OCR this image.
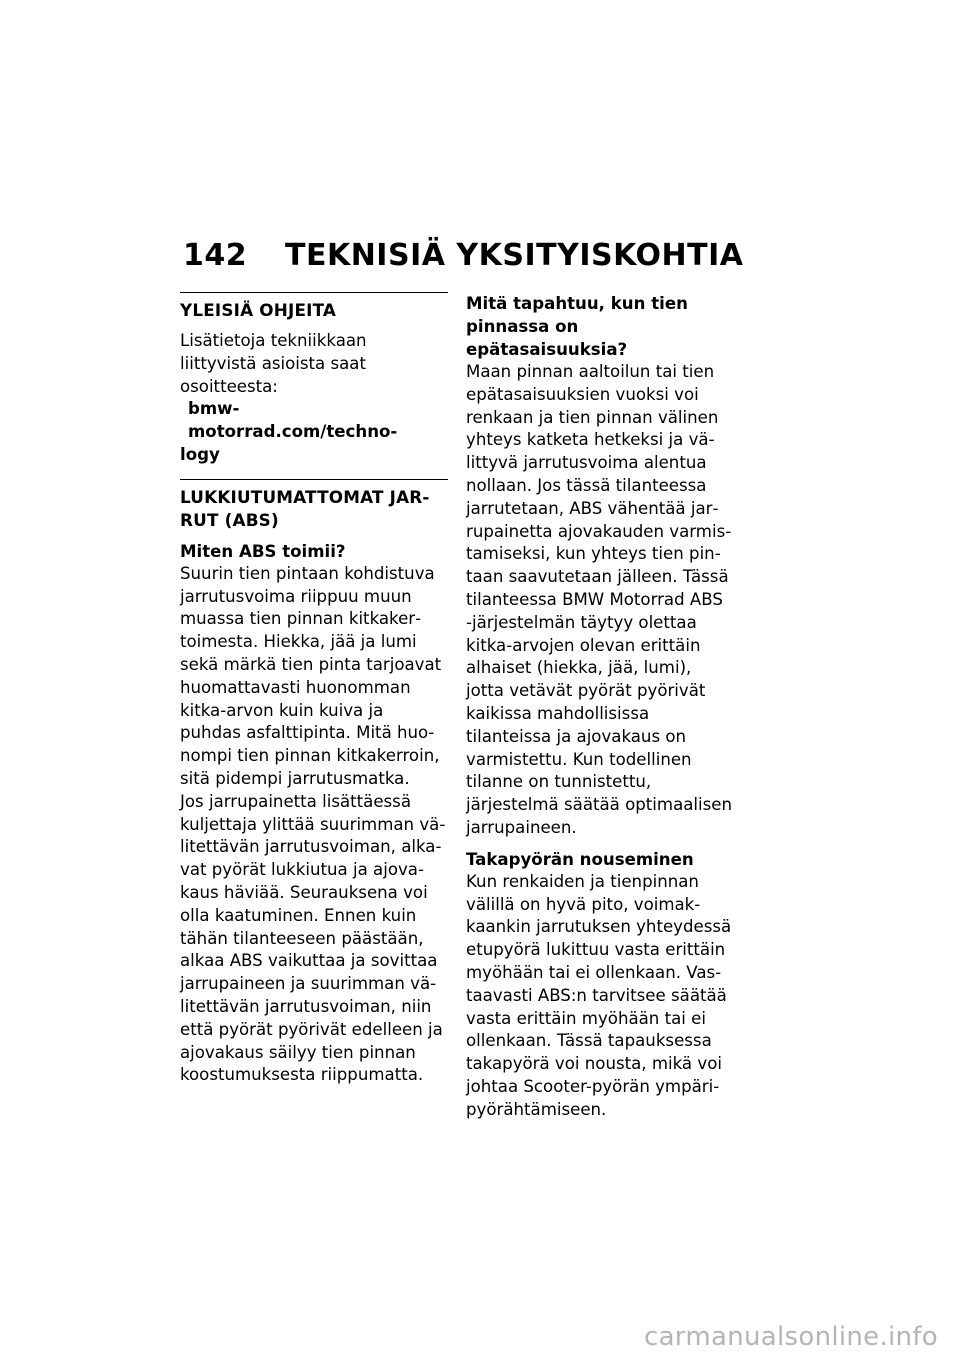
142 TEKNISIÄ YKSITYISKOHTIA
YLEISIÄ OHJEITA

Lisätietoja tekniikkaan liittyvistä asioista saat osoitteesta:

bmw-motorrad.com/techno-

logy

LUKKIUTUMATTOMAT JAR-
RUT (ABS)

Miten ABS toimii?

Suurin tien pintaan kohdistuva jarrutusvoima riippuu muun muassa tien pinnan kitkakertoimesta. Hiekka, jää ja lumi sekä märkä tien pinta tarjoavat huomattavasti huonomman kitka-arvon kuin kuiva ja puhdas asfalttipinta. Mitä huonompi tien pinnan kitkakerroin, sitä pidempi jarrutusmatka.

Jos jarrupainetta lisättäessä kuljettaja ylittää suurimman välitettävän jarrutusvoiman, alkavat pyörät lukkiutua ja ajovakaus häviää. Seurauksena voi olla kaatuminen. Ennen kuin tähän tilanteeseen päästään, alkaa ABS vaikuttaa ja sovittaa jarrupaineen ja suurimman välitettävän jarrutusvoiman, niin että pyörät pyörivät edelleen ja ajovakaus säilyy tien pinnan koostumuksesta riippumatta.

Mitä tapahtuu, kun tien

pinnassa on epätasaisuuksia?

Maan pinnan aaltoilun tai tien epätasaisuuksien vuoksi voi renkaan ja tien pinnan välinen yhteys katketa hetkeksi ja välittyvä jarrutusvoima alentua nollaan. Jos tässä tilanteessa jarrutetaan, ABS vähentää jarrupainetta ajovakauden varmistamiseksi, kun yhteys tien pintaan saavutetaan jälleen. Tässä tilanteessa BMW Motorrad ABS -järjestelmän täytyy olettaa kitka-arvojen olevan erittäin alhaiset (hiekka, jää, lumi), jotta vetävät pyörät pyörivät kaikissa mahdollisissa tilanteissa ja ajovakaus on varmistettu. Kun todellinen tilanne on tunnistettu, järjestelmä säätää optimaalisen jarrupaineen.

Takapyörän nouseminen

Kun renkaiden ja tienpinnan välillä on hyvä pito, voimakkaankin jarrutuksen yhteydessä etupyörä lukittuu vasta erittäin myöhään tai ei ollenkaan. Vastaavasti ABS:n tarvitsee säätää vasta erittäin myöhään tai ei ollenkaan. Tässä tapauksessa takapyörä voi nousta, mikä voi johtaa Scooter-pyörän ympäripyörähtämiseen.

carmanualsonline.info
